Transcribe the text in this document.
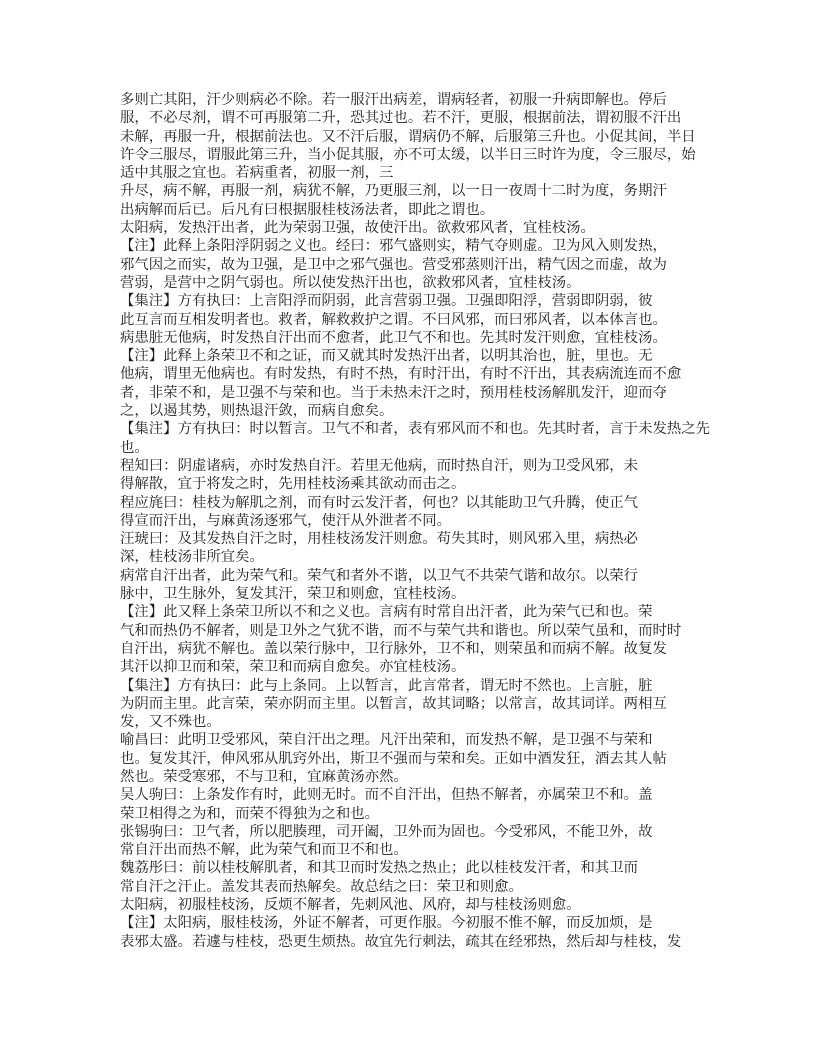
多则亡其阳，汗少则病必不除。若一服汗出病差，谓病轻者，初服一升病即解也。停后
服，不必尽剂，谓不可再服第二升，恐其过也。若不汗，更服，根据前法，谓初服不汗出
未解，再服一升，根据前法也。又不汗后服，谓病仍不解，后服第三升也。小促其间，半日
许令三服尽，谓服此第三升，当小促其服，亦不可太缓，以半日三时许为度，令三服尽，始
适中其服之宜也。若病重者，初服一剂，三
升尽，病不解，再服一剂，病犹不解，乃更服三剂，以一日一夜周十二时为度，务期汗
出病解而后已。后凡有曰根据服桂枝汤法者，即此之谓也。
太阳病，发热汗出者，此为荣弱卫强，故使汗出。欲救邪风者，宜桂枝汤。
【注】此释上条阳浮阴弱之义也。经曰：邪气盛则实，精气夺则虚。卫为风入则发热，
邪气因之而实，故为卫强，是卫中之邪气强也。营受邪蒸则汗出，精气因之而虚，故为
营弱，是营中之阴气弱也。所以使发热汗出也，欲救邪风者，宜桂枝汤。
【集注】方有执曰：上言阳浮而阴弱，此言营弱卫强。卫强即阳浮，营弱即阴弱，彼
此互言而互相发明者也。救者，解救救护之谓。不曰风邪，而曰邪风者，以本体言也。
病患脏无他病，时发热自汗出而不愈者，此卫气不和也。先其时发汗则愈，宜桂枝汤。
【注】此释上条荣卫不和之证，而又就其时发热汗出者，以明其治也，脏，里也。无
他病，谓里无他病也。有时发热，有时不热，有时汗出，有时不汗出，其表病流连而不愈
者，非荣不和，是卫强不与荣和也。当于未热未汗之时，预用桂枝汤解肌发汗，迎而夺
之，以遏其势，则热退汗敛，而病自愈矣。
【集注】方有执曰：时以暂言。卫气不和者，表有邪风而不和也。先其时者，言于未发热之先
也。
程知曰：阴虚诸病，亦时发热自汗。若里无他病，而时热自汗，则为卫受风邪，未
得解散，宜于将发之时，先用桂枝汤乘其欲动而击之。
程应旄曰：桂枝为解肌之剂，而有时云发汗者，何也？以其能助卫气升腾，使正气
得宣而汗出，与麻黄汤逐邪气，使汗从外泄者不同。
汪琥曰：及其发热自汗之时，用桂枝汤发汗则愈。苟失其时，则风邪入里，病热必
深，桂枝汤非所宜矣。
病常自汗出者，此为荣气和。荣气和者外不谐，以卫气不共荣气谐和故尔。以荣行
脉中，卫生脉外，复发其汗，荣卫和则愈，宜桂枝汤。
【注】此又释上条荣卫所以不和之义也。言病有时常自出汗者，此为荣气已和也。荣
气和而热仍不解者，则是卫外之气犹不谐，而不与荣气共和谐也。所以荣气虽和，而时时
自汗出，病犹不解也。盖以荣行脉中，卫行脉外，卫不和，则荣虽和而病不解。故复发
其汗以抑卫而和荣，荣卫和而病自愈矣。亦宜桂枝汤。
【集注】方有执曰：此与上条同。上以暂言，此言常者，谓无时不然也。上言脏，脏
为阴而主里。此言荣，荣亦阴而主里。以暂言，故其词略；以常言，故其词详。两相互
发，又不殊也。
喻昌曰：此明卫受邪风，荣自汗出之理。凡汗出荣和，而发热不解，是卫强不与荣和
也。复发其汗，伸风邪从肌窍外出，斯卫不强而与荣和矣。正如中酒发狂，酒去其人帖
然也。荣受寒邪，不与卫和，宜麻黄汤亦然。
吴人驹曰：上条发作有时，此则无时。而不自汗出，但热不解者，亦属荣卫不和。盖
荣卫相得之为和，而荣不得独为之和也。
张锡驹曰：卫气者，所以肥腠理，司开阖，卫外而为固也。今受邪风，不能卫外，故
常自汗出而热不解，此为荣气和而卫不和也。
魏荔彤曰：前以桂枝解肌者，和其卫而时发热之热止；此以桂枝发汗者，和其卫而
常自汗之汗止。盖发其表而热解矣。故总结之曰：荣卫和则愈。
太阳病，初服桂枝汤，反烦不解者，先刺风池、风府，却与桂枝汤则愈。
【注】太阳病，服桂枝汤，外证不解者，可更作服。今初服不惟不解，而反加烦，是
表邪太盛。若遽与桂枝，恐更生烦热。故宜先行刺法，疏其在经邪热，然后却与桂枝，发
